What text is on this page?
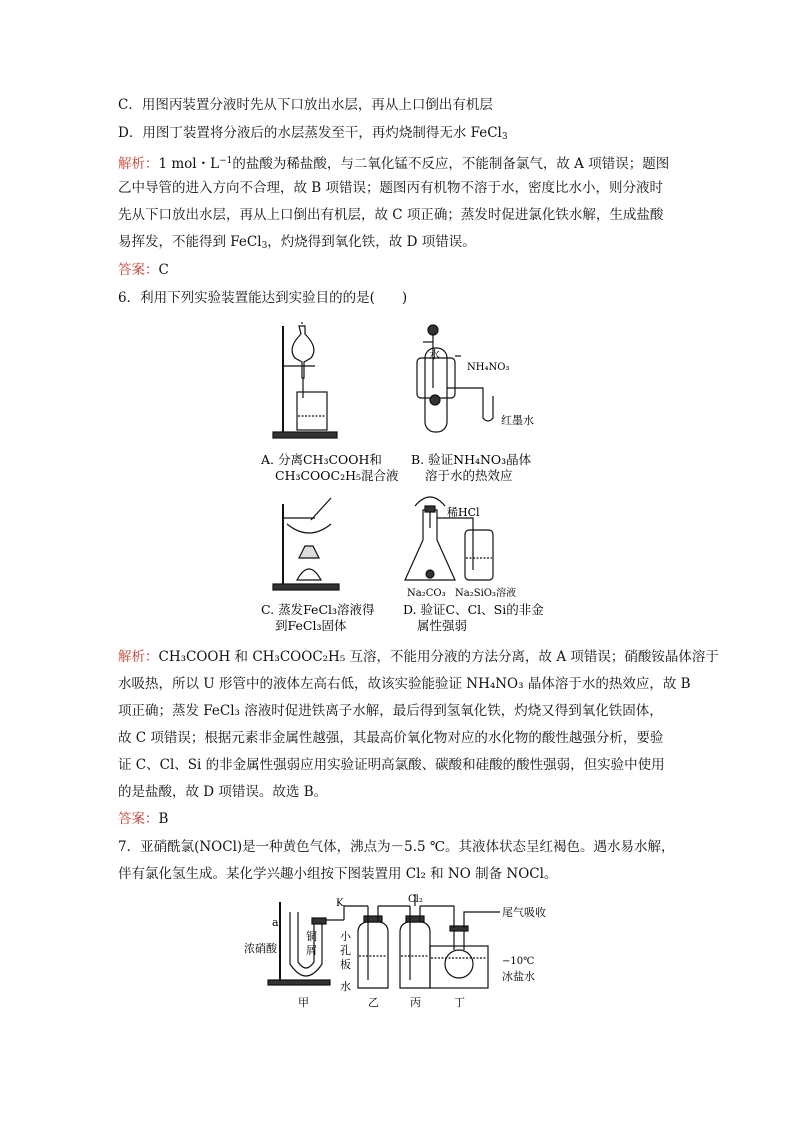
C．用图丙装置分液时先从下口放出水层，再从上口倒出有机层
D．用图丁装置将分液后的水层蒸发至干，再灼烧制得无水 FeCl$_3$
解析：1 mol・$L^{-1}$的盐酸为稀盐酸，与二氧化锰不反应，不能制备氯气，故 A 项错误；题图
乙中导管的进入方向不合理，故 B 项错误；题图丙有机物不溶于水，密度比水小，则分液时
先从下口放出水层，再从上口倒出有机层，故 C 项正确；蒸发时促进氯化铁水解，生成盐酸
易挥发，不能得到 FeCl$_3$，灼烧得到氧化铁，故 D 项错误。
答案：C
6．利用下列实验装置能达到实验目的的是(　　)
水
NH₄NO₃
红墨水
稀HCl
Na₂CO₃ Na₂SiO₃溶液
A. 分离CH₃COOH和
CH₃COOC₂H₅混合液
B. 验证NH₄NO₃晶体
溶于水的热效应
C. 蒸发FeCl₃溶液得
到FeCl₃固体
D. 验证C、Cl、Si的非金
属性强弱
解析：CH₃COOH 和 CH₃COOC₂H₅ 互溶，不能用分液的方法分离，故 A 项错误；硝酸铵晶体溶于
水吸热，所以 U 形管中的液体左高右低，故该实验能验证 NH₄NO₃ 晶体溶于水的热效应，故 B
项正确；蒸发 FeCl₃ 溶液时促进铁离子水解，最后得到氢氧化铁，灼烧又得到氧化铁固体，
故 C 项错误；根据元素非金属性越强，其最高价氧化物对应的水化物的酸性越强分析，要验
证 C、Cl、Si 的非金属性强弱应用实验证明高氯酸、碳酸和硅酸的酸性强弱，但实验中使用
的是盐酸，故 D 项错误。故选 B。
答案：B
7．亚硝酰氯(NOCl)是一种黄色气体，沸点为－5.5 ℃。其液体状态呈红褐色。遇水易水解，
伴有氯化氢生成。某化学兴趣小组按下图装置用 Cl₂ 和 NO 制备 NOCl。
a
浓硝酸
铜
屑
小
孔
板
水
K	Cl₂
尾气吸收
−10℃
冰盐水
甲	乙	丙	丁
